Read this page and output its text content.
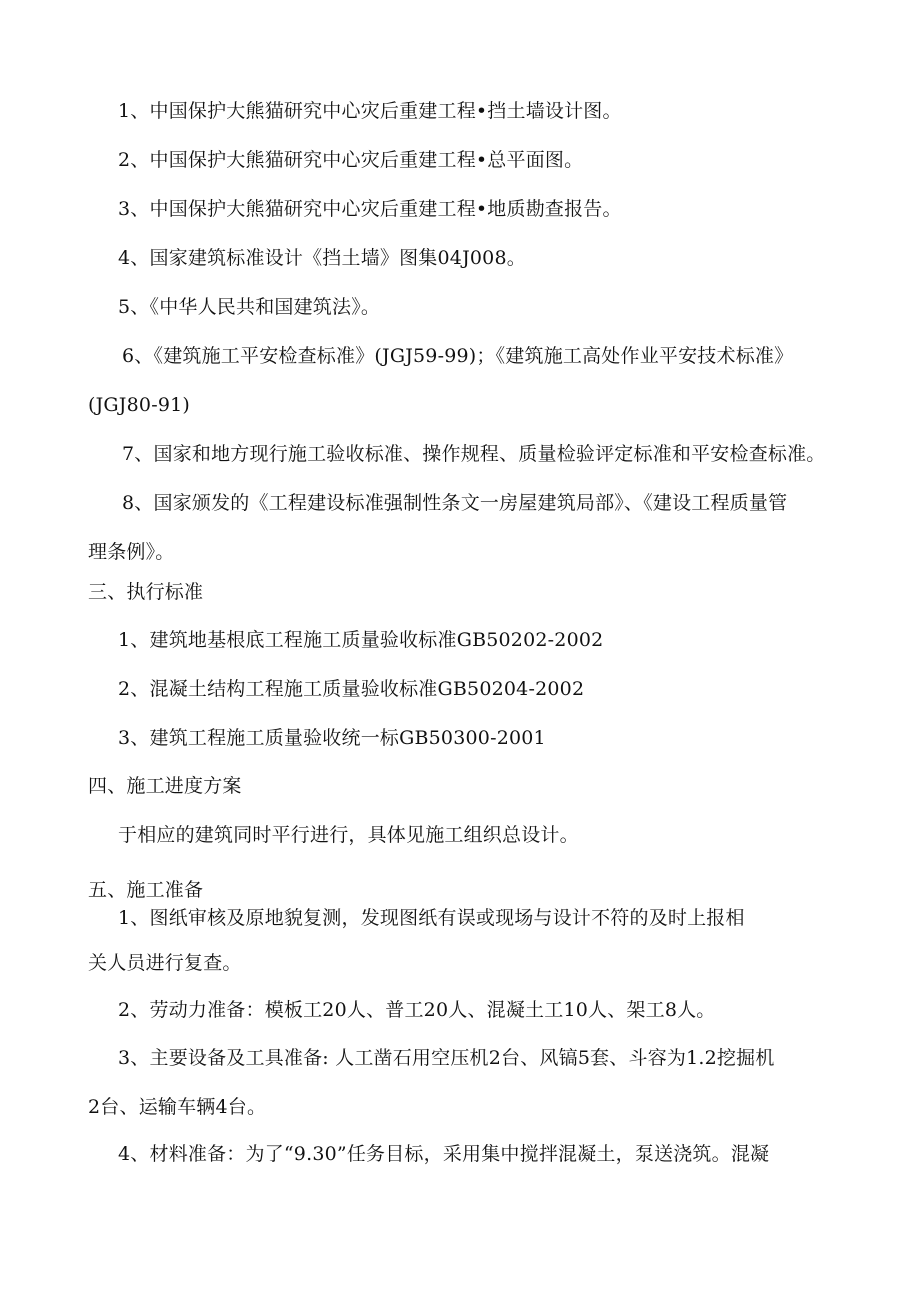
1、中国保护大熊猫研究中心灾后重建工程•挡土墙设计图。
2、中国保护大熊猫研究中心灾后重建工程•总平面图。
3、中国保护大熊猫研究中心灾后重建工程•地质勘查报告。
4、国家建筑标准设计《挡土墙》图集04J008。
5、《中华人民共和国建筑法》。
6、《建筑施工平安检查标准》(JGJ59-99)；《建筑施工高处作业平安技术标准》
(JGJ80-91)
7、国家和地方现行施工验收标准、操作规程、质量检验评定标准和平安检查标准。
8、国家颁发的《工程建设标准强制性条文一房屋建筑局部》、《建设工程质量管
理条例》。
三、执行标准
1、建筑地基根底工程施工质量验收标准GB50202-2002
2、混凝土结构工程施工质量验收标准GB50204-2002
3、建筑工程施工质量验收统一标GB50300-2001
四、施工进度方案
于相应的建筑同时平行进行，具体见施工组织总设计。
五、施工准备
1、图纸审核及原地貌复测，发现图纸有误或现场与设计不符的及时上报相
关人员进行复查。
2、劳动力准备：模板工20人、普工20人、混凝土工10人、架工8人。
3、主要设备及工具准备: 人工凿石用空压机2台、风镐5套、斗容为1.2挖掘机
2台、运输车辆4台。
4、材料准备：为了“9.30”任务目标，采用集中搅拌混凝土，泵送浇筑。混凝
